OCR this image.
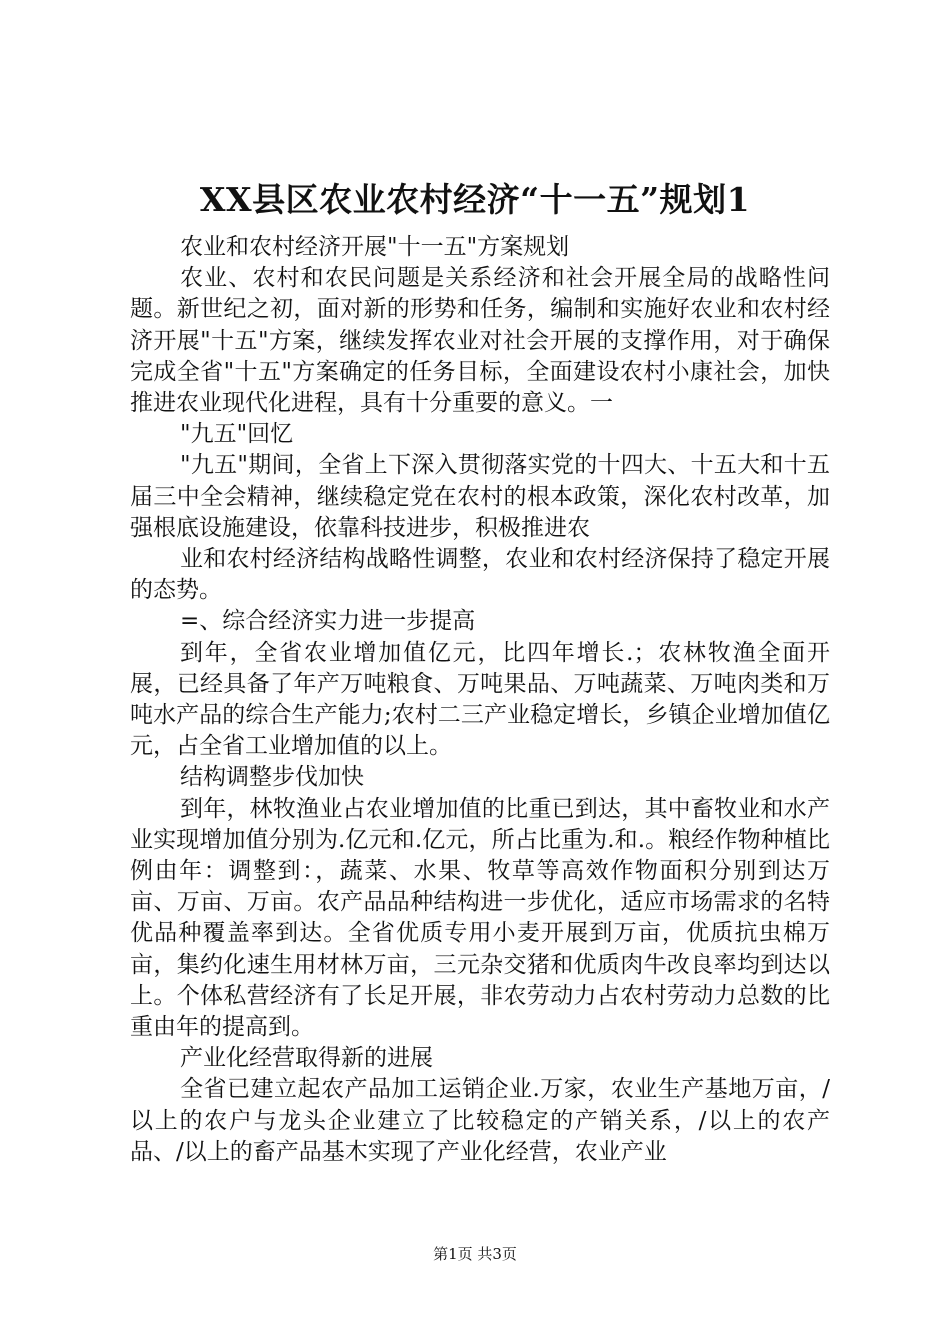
XX县区农业农村经济“十一五”规划1

农业和农村经济开展"十一五"方案规划

农业、农村和农民问题是关系经济和社会开展全局的战略性问题。新世纪之初，面对新的形势和任务，编制和实施好农业和农村经济开展"十五"方案，继续发挥农业对社会开展的支撑作用，对于确保完成全省"十五"方案确定的任务目标，全面建设农村小康社会，加快推进农业现代化进程，具有十分重要的意义。一

"九五"回忆

"九五"期间，全省上下深入贯彻落实党的十四大、十五大和十五届三中全会精神，继续稳定党在农村的根本政策，深化农村改革，加强根底设施建设，依靠科技进步，积极推进农

业和农村经济结构战略性调整，农业和农村经济保持了稳定开展的态势。

=、综合经济实力进一步提高

到年，全省农业增加值亿元，比四年增长.；农林牧渔全面开展，已经具备了年产万吨粮食、万吨果品、万吨蔬菜、万吨肉类和万吨水产品的综合生产能力;农村二三产业稳定增长，乡镇企业增加值亿元，占全省工业增加值的以上。

结构调整步伐加快

到年，林牧渔业占农业增加值的比重已到达，其中畜牧业和水产业实现增加值分别为.亿元和.亿元，所占比重为.和.。粮经作物种植比例由年：调整到：，蔬菜、水果、牧草等高效作物面积分别到达万亩、万亩、万亩。农产品品种结构进一步优化，适应市场需求的名特优品种覆盖率到达。全省优质专用小麦开展到万亩，优质抗虫棉万亩，集约化速生用材林万亩，三元杂交猪和优质肉牛改良率均到达以上。个体私营经济有了长足开展，非农劳动力占农村劳动力总数的比重由年的提高到。

产业化经营取得新的进展

全省已建立起农产品加工运销企业.万家，农业生产基地万亩，/以上的农户与龙头企业建立了比较稳定的产销关系，/以上的农产品、/以上的畜产品基木实现了产业化经营，农业产业

第1页 共3页
